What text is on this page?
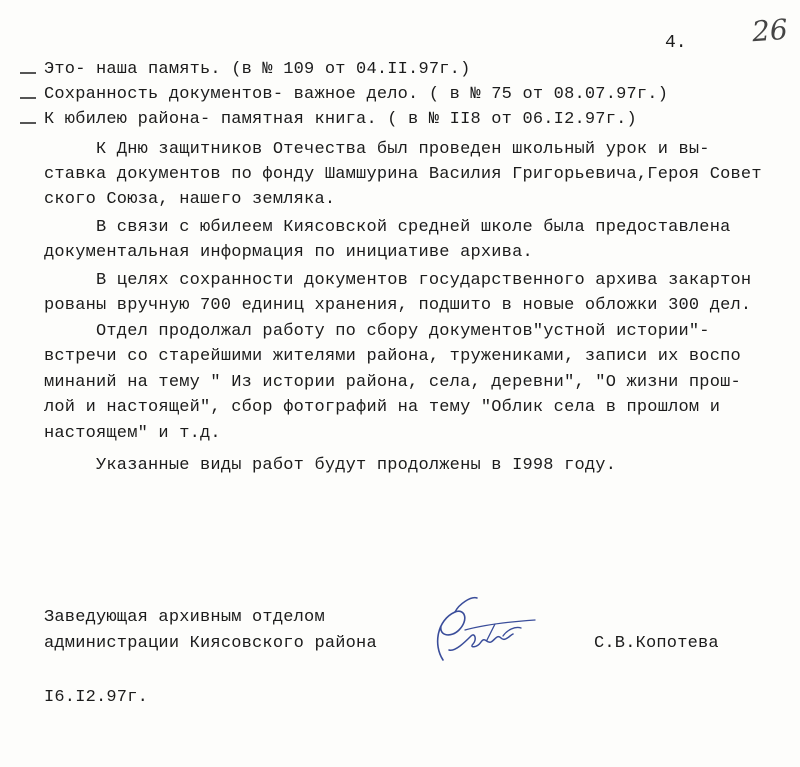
4. 26
Это- наша память. (в № 109 от 04.II.97г.)
Сохранность документов- важное дело. ( в № 75 от 08.07.97г.)
К юбилею района- памятная книга. ( в № II8 от 06.I2.97г.)
К Дню защитников Отечества был проведен школьный урок и вы-
ставка документов по фонду Шамшурина Василия Григорьевича,Героя Совет
ского Союза, нашего земляка.
В связи с юбилеем Киясовской средней школе была предоставлена
документальная информация по инициативе архива.
В целях сохранности документов государственного архива закартон
рованы вручную 700 единиц хранения, подшито в новые обложки 300 дел.
Отдел продолжал работу по сбору документов"устной истории"-
встречи со старейшими жителями района, тружениками, записи их воспо
минаний на тему " Из истории района, села, деревни", "О жизни прош-
лой и настоящей", сбор фотографий на тему "Облик села в прошлом и
настоящем" и т.д.
Указанные виды работ будут продолжены в I998 году.
Заведующая архивным отделом
администрации Киясовского района	С.В.Копотева
I6.I2.97г.
